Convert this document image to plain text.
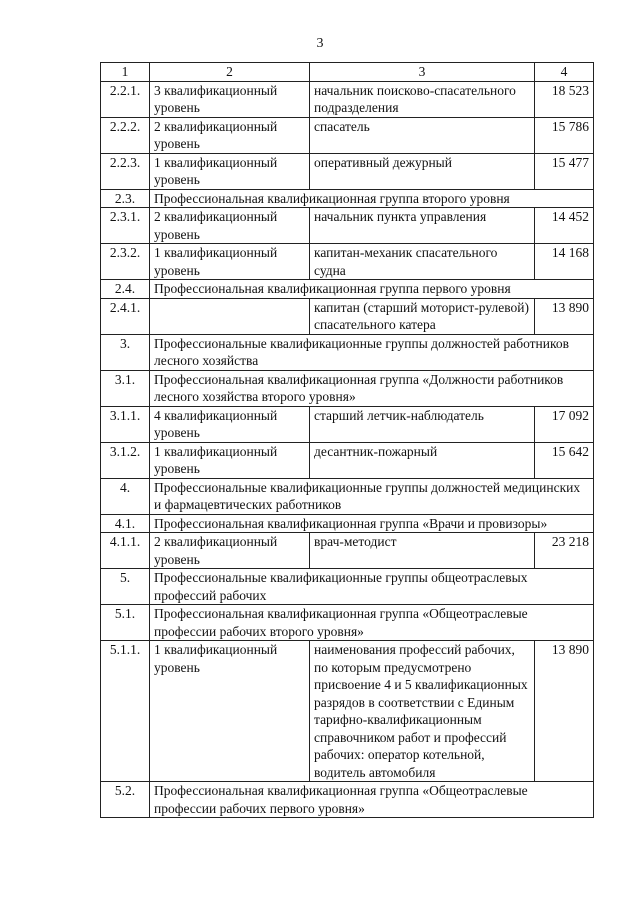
3
1	2	3	4
2.2.1.	3 квалификационный уровень	начальник поисково-спасательного подразделения	18 523
2.2.2.	2 квалификационный уровень	спасатель	15 786
2.2.3.	1 квалификационный уровень	оперативный дежурный	15 477
2.3.	Профессиональная квалификационная группа второго уровня		
2.3.1.	2 квалификационный уровень	начальник пункта управления	14 452
2.3.2.	1 квалификационный уровень	капитан-механик спасательного судна	14 168
2.4.	Профессиональная квалификационная группа первого уровня		
2.4.1.		капитан (старший моторист-рулевой) спасательного катера	13 890
3.	Профессиональные квалификационные группы должностей работников лесного хозяйства		
3.1.	Профессиональная квалификационная группа «Должности работников лесного хозяйства второго уровня»		
3.1.1.	4 квалификационный уровень	старший летчик-наблюдатель	17 092
3.1.2.	1 квалификационный уровень	десантник-пожарный	15 642
4.	Профессиональные квалификационные группы должностей медицинских и фармацевтических работников		
4.1.	Профессиональная квалификационная группа «Врачи и провизоры»		
4.1.1.	2 квалификационный уровень	врач-методист	23 218
5.	Профессиональные квалификационные группы общеотраслевых профессий рабочих		
5.1.	Профессиональная квалификационная группа «Общеотраслевые профессии рабочих второго уровня»		
5.1.1.	1 квалификационный уровень	наименования профессий рабочих, по которым предусмотрено присвоение 4 и 5 квалификационных разрядов в соответствии с Единым тарифно-квалификационным справочником работ и профессий рабочих: оператор котельной, водитель автомобиля	13 890
5.2.	Профессиональная квалификационная группа «Общеотраслевые профессии рабочих первого уровня»		
